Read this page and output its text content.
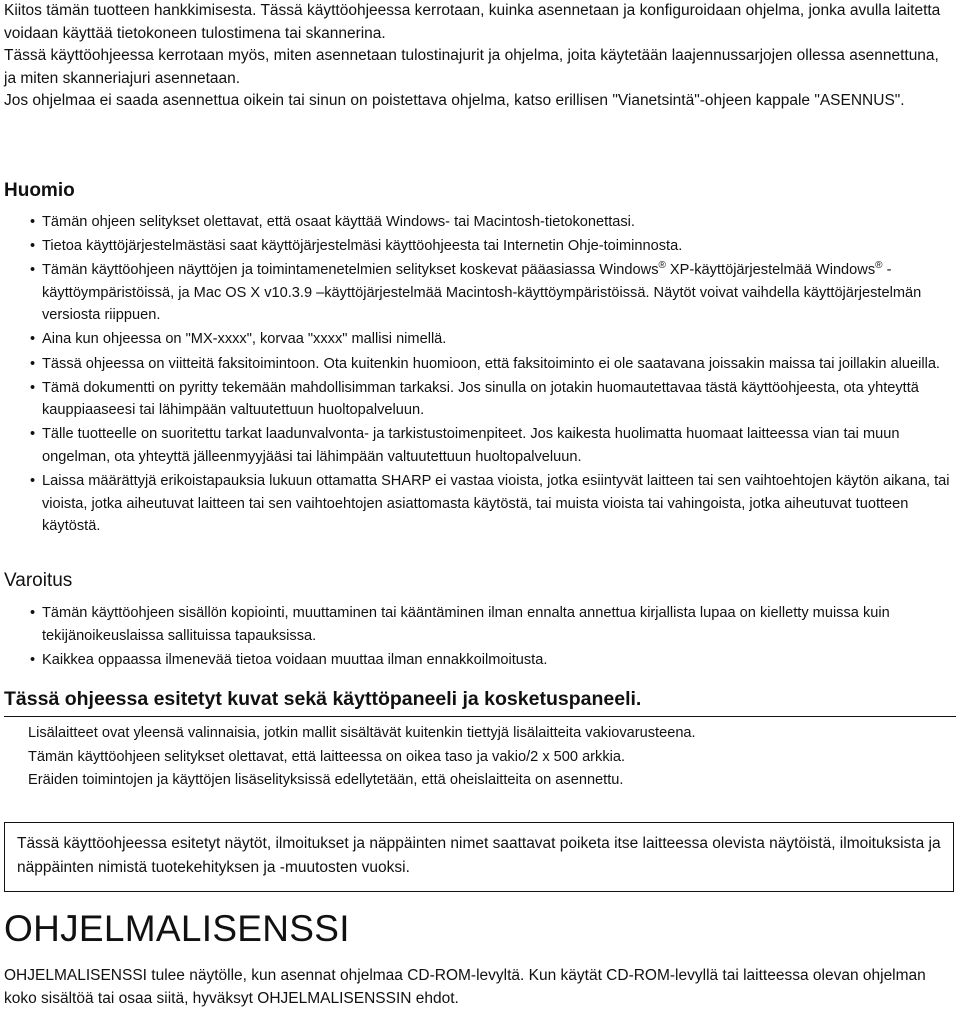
Kiitos tämän tuotteen hankkimisesta. Tässä käyttöohjeessa kerrotaan, kuinka asennetaan ja konfiguroidaan ohjelma, jonka avulla laitetta voidaan käyttää tietokoneen tulostimena tai skannerina.

Tässä käyttöohjeessa kerrotaan myös, miten asennetaan tulostinajurit ja ohjelma, joita käytetään laajennussarjojen ollessa asennettuna, ja miten skanneriajuri asennetaan.

Jos ohjelmaa ei saada asennettua oikein tai sinun on poistettava ohjelma, katso erillisen "Vianetsintä"-ohjeen kappale "ASENNUS".

Huomio
• Tämän ohjeen selitykset olettavat, että osaat käyttää Windows- tai Macintosh-tietokonettasi.
• Tietoa käyttöjärjestelmästäsi saat käyttöjärjestelmäsi käyttöohjeesta tai Internetin Ohje-toiminnosta.
• Tämän käyttöohjeen näyttöjen ja toimintamenetelmien selitykset koskevat pääasiassa Windows® XP-käyttöjärjestelmää Windows® -käyttöympäristöissä, ja Mac OS X v10.3.9 –käyttöjärjestelmää Macintosh-käyttöympäristöissä. Näytöt voivat vaihdella käyttöjärjestelmän versiosta riippuen.
• Aina kun ohjeessa on "MX-xxxx", korvaa "xxxx" mallisi nimellä.
• Tässä ohjeessa on viitteitä faksitoimintoon. Ota kuitenkin huomioon, että faksitoiminto ei ole saatavana joissakin maissa tai joillakin alueilla.
• Tämä dokumentti on pyritty tekemään mahdollisimman tarkaksi. Jos sinulla on jotakin huomautettavaa tästä käyttöohjeesta, ota yhteyttä kauppiaaseesi tai lähimpään valtuutettuun huoltopalveluun.
• Tälle tuotteelle on suoritettu tarkat laadunvalvonta- ja tarkistustoimenpiteet. Jos kaikesta huolimatta huomaat laitteessa vian tai muun ongelman, ota yhteyttä jälleenmyyjääsi tai lähimpään valtuutettuun huoltopalveluun.
• Laissa määrättyjä erikoistapauksia lukuun ottamatta SHARP ei vastaa vioista, jotka esiintyvät laitteen tai sen vaihtoehtojen käytön aikana, tai vioista, jotka aiheutuvat laitteen tai sen vaihtoehtojen asiattomasta käytöstä, tai muista vioista tai vahingoista, jotka aiheutuvat tuotteen käytöstä.
Varoitus
• Tämän käyttöohjeen sisällön kopiointi, muuttaminen tai kääntäminen ilman ennalta annettua kirjallista lupaa on kielletty muissa kuin tekijänoikeuslaissa sallituissa tapauksissa.
• Kaikkea oppaassa ilmenevää tietoa voidaan muuttaa ilman ennakkoilmoitusta.
Tässä ohjeessa esitetyt kuvat sekä käyttöpaneeli ja kosketuspaneeli.

Lisälaitteet ovat yleensä valinnaisia, jotkin mallit sisältävät kuitenkin tiettyjä lisälaitteita vakiovarusteena.

Tämän käyttöohjeen selitykset olettavat, että laitteessa on oikea taso ja vakio/2 x 500 arkkia.

Eräiden toimintojen ja käyttöjen lisäselityksissä edellytetään, että oheislaitteita on asennettu.

Tässä käyttöohjeessa esitetyt näytöt, ilmoitukset ja näppäinten nimet saattavat poiketa itse laitteessa olevista näytöistä, ilmoituksista ja näppäinten nimistä tuotekehityksen ja -muutosten vuoksi.
OHJELMALISENSSI

OHJELMALISENSSI tulee näytölle, kun asennat ohjelmaa CD-ROM-levyltä. Kun käytät CD-ROM-levyllä tai laitteessa olevan ohjelman koko sisältöä tai osaa siitä, hyväksyt OHJELMALISENSSIN ehdot.
